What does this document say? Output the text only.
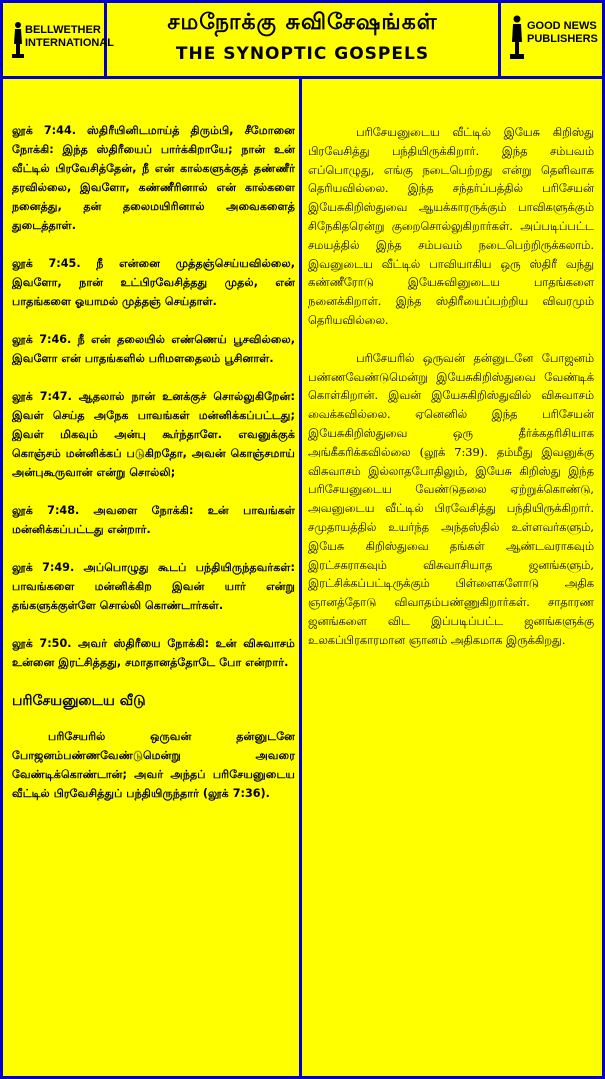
BELLWETHER
INTERNATIONAL
சமநோக்கு சுவிசேஷங்கள்
THE SYNOPTIC GOSPELS
GOOD NEWS
PUBLISHERS

லூக் 7:44. ஸ்திரீயினிடமாய்த் திரும்பி, சீமோனை நோக்கி: இந்த ஸ்திரீயைப் பார்க்கிறாயே; நான் உன் வீட்டில் பிரவேசித்தேன், நீ என் கால்களுக்குத் தண்ணீர் தரவில்லை, இவளோ, கண்ணீரினால் என் கால்களை நனைத்து, தன் தலைமயிரினால் அவைகளைத் துடைத்தாள்.

லூக் 7:45. நீ என்னை முத்தஞ்செய்யவில்லை, இவளோ, நான் உட்பிரவேசித்தது முதல், என் பாதங்களை ஓயாமல் முத்தஞ் செய்தாள்.

லூக் 7:46. நீ என் தலையில் எண்ணெய் பூசவில்லை, இவளோ என் பாதங்களில் பரிமளதைலம் பூசினாள்.

லூக் 7:47. ஆதலால் நான் உனக்குச் சொல்லுகிறேன்: இவள் செய்த அநேக பாவங்கள் மன்னிக்கப்பட்டது; இவள் மிகவும் அன்பு கூர்ந்தாளே. எவனுக்குக் கொஞ்சம் மன்னிக்கப் படுகிறதோ, அவன் கொஞ்சமாய் அன்புகூருவான் என்று சொல்லி;

லூக் 7:48. அவளை நோக்கி: உன் பாவங்கள் மன்னிக்கப்பட்டது என்றார்.

லூக் 7:49. அப்பொழுது கூடப் பந்தியிருந்தவர்கள்: பாவங்களை மன்னிக்கிற இவன் யார் என்று தங்களுக்குள்ளே சொல்லி கொண்டார்கள்.

லூக் 7:50. அவர் ஸ்திரீயை நோக்கி: உன் விசுவாசம் உன்னை இரட்சித்தது, சமாதானத்தோடே போ என்றார்.

பரிசேயனுடைய வீடு

பரிசேயரில் ஒருவன் தன்னுடனே போஜனம்பண்ணவேண்டுமென்று அவரை வேண்டிக்கொண்டான்; அவர் அந்தப் பரிசேயனுடைய வீட்டில் பிரவேசித்துப் பந்தியிருந்தார் (லூக் 7:36).

பரிசேயனுடைய வீட்டில் இயேசு கிறிஸ்து பிரவேசித்து பந்தியிருக்கிறார். இந்த சம்பவம் எப்பொழுது, எங்கு நடைபெற்றது என்று தெளிவாக தெரியவில்லை. இந்த சந்தர்ப்பத்தில் பரிசேயன் இயேசுகிறிஸ்துவை ஆயக்காரருக்கும் பாவிகளுக்கும் சிநேகிதரென்று குறைசொல்லுகிறார்கள். அப்படிப்பட்ட சமயத்தில் இந்த சம்பவம் நடைபெற்றிருக்கலாம். இவனுடைய வீட்டில் பாவியாகிய ஒரு ஸ்திரீ வந்து கண்ணீரோடு இயேசுவினுடைய பாதங்களை நனைக்கிறாள். இந்த ஸ்திரீயைப்பற்றிய விவரமும் தெரியவில்லை.

பரிசேயரில் ஒருவன் தன்னுடனே போஜனம் பண்ணவேண்டுமென்று இயேசுகிறிஸ்துவை வேண்டிக் கொள்கிறான். இவன் இயேசுகிறிஸ்துவில் விசுவாசம் வைக்கவில்லை. ஏனெனில் இந்த பரிசேயன் இயேசுகிறிஸ்துவை ஒரு தீர்க்கதரிசியாக அங்கீகரிக்கவில்லை (லூக் 7:39). தம்மீது இவனுக்கு விசுவாசம் இல்லாதபோதிலும், இயேசு கிறிஸ்து இந்த பரிசேயனுடைய வேண்டுதலை ஏற்றுக்கொண்டு, அவனுடைய வீட்டில் பிரவேசித்து பந்தியிருக்கிறார். சமுதாயத்தில் உயர்ந்த அந்தஸ்தில் உள்ளவர்களும், இயேசு கிறிஸ்துவை தங்கள் ஆண்டவராகவும் இரட்சகராகவும் விசுவாசியாத ஜனங்களும், இரட்சிக்கப்பட்டிருக்கும் பிள்ளைகளோடு அதிக ஞானத்தோடு விவாதம்பண்ணுகிறார்கள். சாதாரண ஜனங்களை விட இப்படிப்பட்ட ஜனங்களுக்கு உலகப்பிரகாரமான ஞானம் அதிகமாக இருக்கிறது.
